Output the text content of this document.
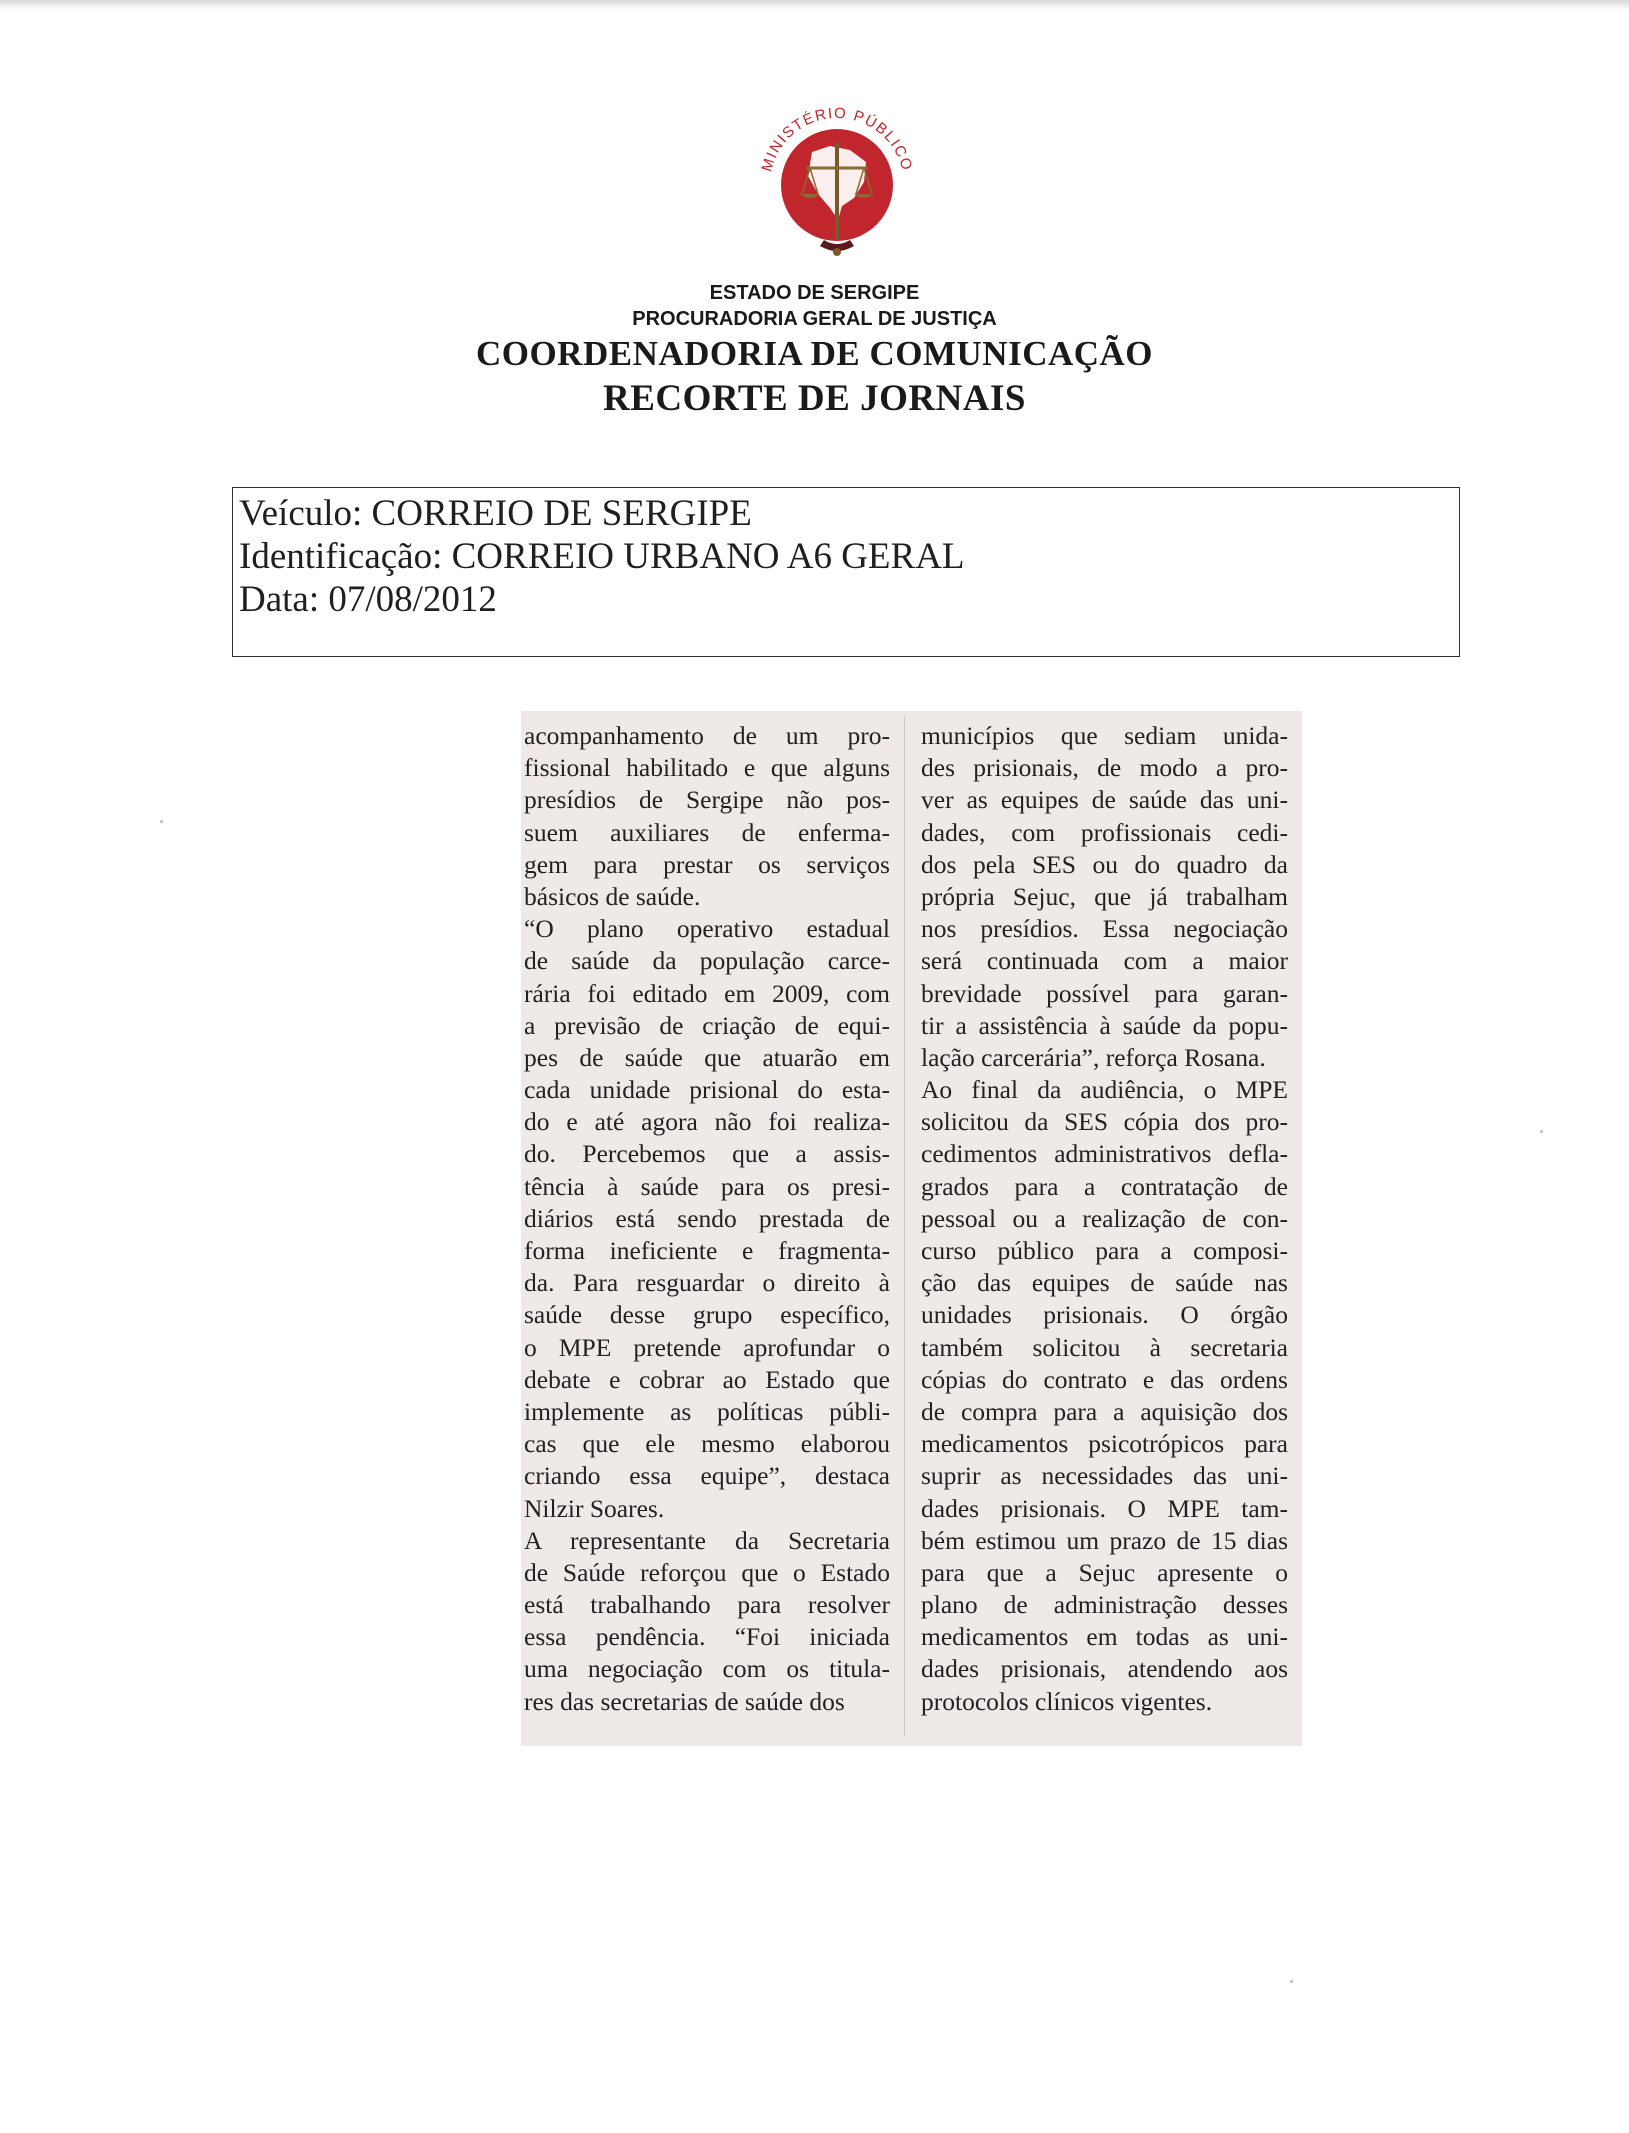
MINISTÉRIO PÚBLICO
ESTADO DE SERGIPE
PROCURADORIA GERAL DE JUSTIÇA
COORDENADORIA DE COMUNICAÇÃO
RECORTE DE JORNAIS
Veículo: CORREIO DE SERGIPE
Identificação: CORREIO URBANO A6 GERAL
Data: 07/08/2012
acompanhamento de um pro-
fissional habilitado e que alguns
presídios de Sergipe não pos-
suem auxiliares de enferma-
gem para prestar os serviços
básicos de saúde.
“O plano operativo estadual
de saúde da população carce-
rária foi editado em 2009, com
a previsão de criação de equi-
pes de saúde que atuarão em
cada unidade prisional do esta-
do e até agora não foi realiza-
do. Percebemos que a assis-
tência à saúde para os presi-
diários está sendo prestada de
forma ineficiente e fragmenta-
da. Para resguardar o direito à
saúde desse grupo específico,
o MPE pretende aprofundar o
debate e cobrar ao Estado que
implemente as políticas públi-
cas que ele mesmo elaborou
criando essa equipe”, destaca
Nilzir Soares.
A representante da Secretaria
de Saúde reforçou que o Estado
está trabalhando para resolver
essa pendência. “Foi iniciada
uma negociação com os titula-
res das secretarias de saúde dos
municípios que sediam unida-
des prisionais, de modo a pro-
ver as equipes de saúde das uni-
dades, com profissionais cedi-
dos pela SES ou do quadro da
própria Sejuc, que já trabalham
nos presídios. Essa negociação
será continuada com a maior
brevidade possível para garan-
tir a assistência à saúde da popu-
lação carcerária”, reforça Rosana.
Ao final da audiência, o MPE
solicitou da SES cópia dos pro-
cedimentos administrativos defla-
grados para a contratação de
pessoal ou a realização de con-
curso público para a composi-
ção das equipes de saúde nas
unidades prisionais. O órgão
também solicitou à secretaria
cópias do contrato e das ordens
de compra para a aquisição dos
medicamentos psicotrópicos para
suprir as necessidades das uni-
dades prisionais. O MPE tam-
bém estimou um prazo de 15 dias
para que a Sejuc apresente o
plano de administração desses
medicamentos em todas as uni-
dades prisionais, atendendo aos
protocolos clínicos vigentes.
